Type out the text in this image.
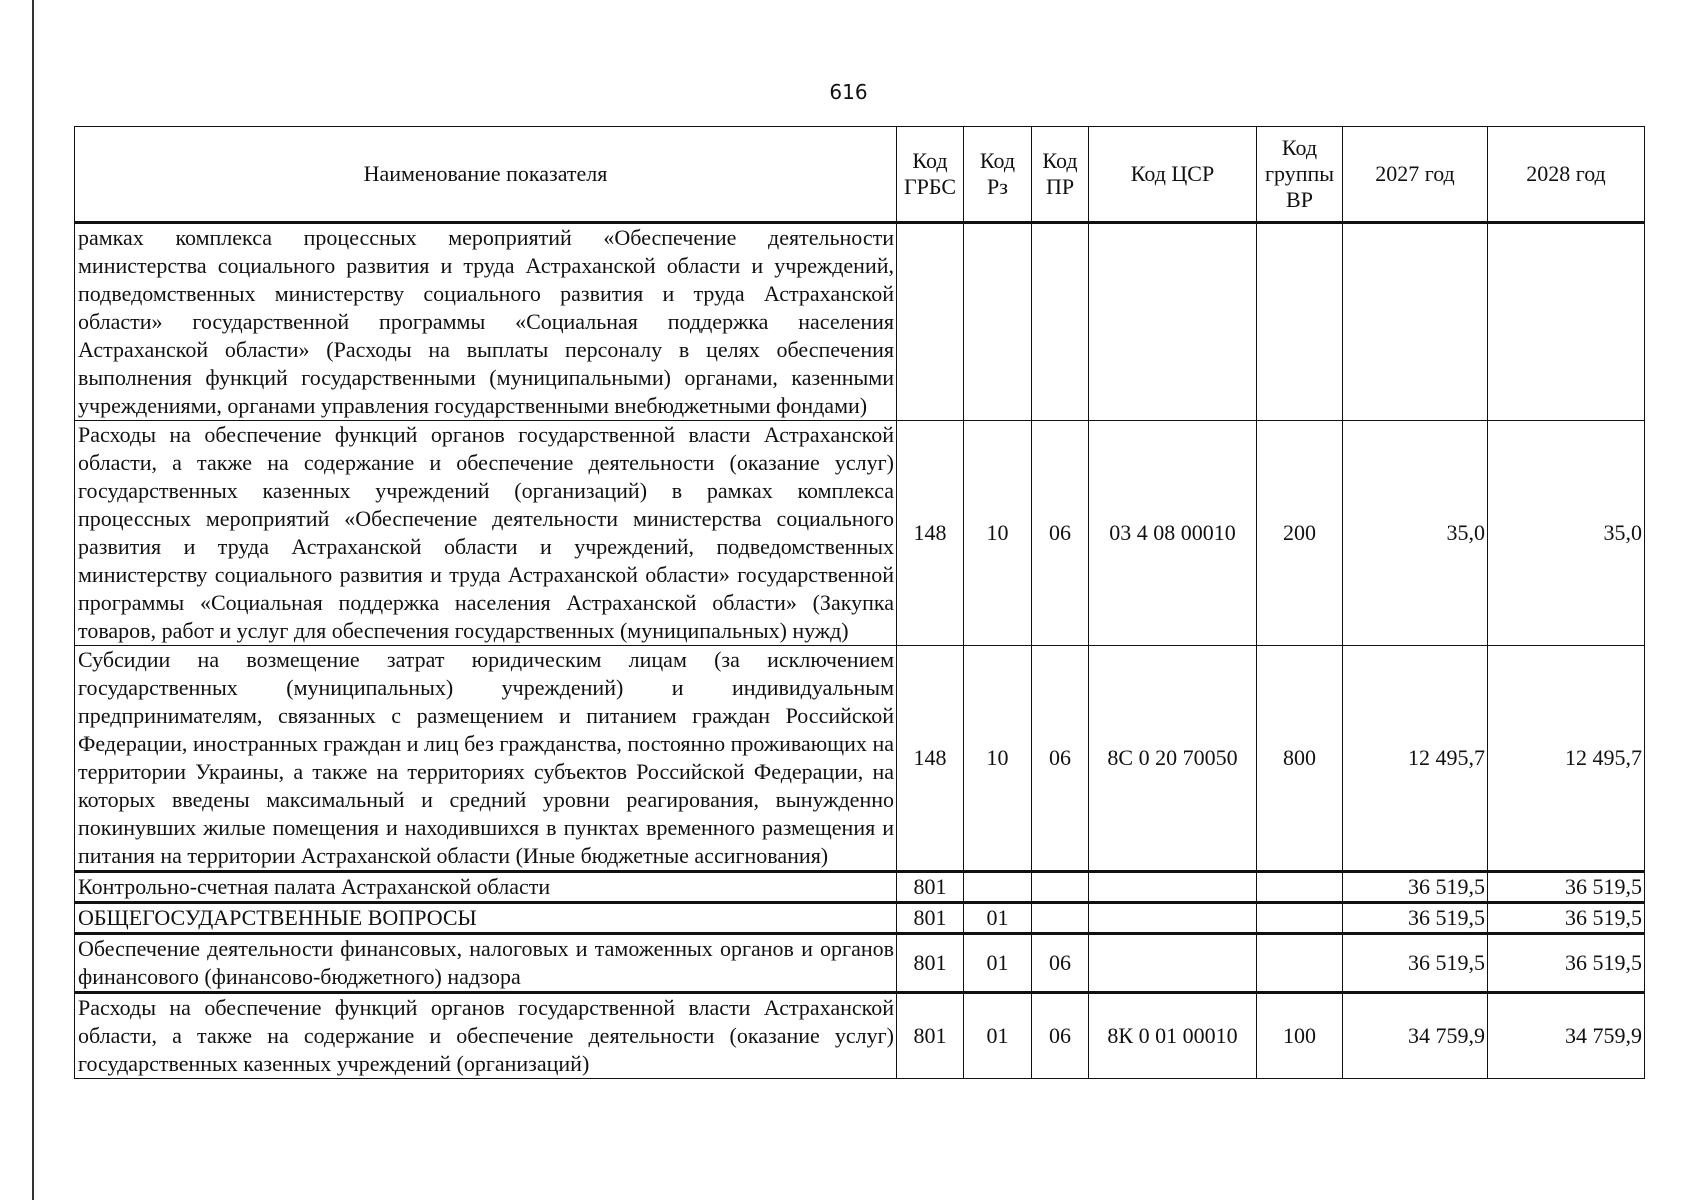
616
Наименование показателя	Код ГРБС	Код Рз	Код ПР	Код ЦСР	Код группы ВР	2027 год	2028 год
рамках комплекса процессных мероприятий «Обеспечение деятельности министерства социального развития и труда Астраханской области и учреждений, подведомственных министерству социального развития и труда Астраханской области» государственной программы «Социальная поддержка населения Астраханской области» (Расходы на выплаты персоналу в целях обеспечения выполнения функций государственными (муниципальными) органами, казенными учреждениями, органами управления государственными внебюджетными фондами)							
Расходы на обеспечение функций органов государственной власти Астраханской области, а также на содержание и обеспечение деятельности (оказание услуг) государственных казенных учреждений (организаций) в рамках комплекса процессных мероприятий «Обеспечение деятельности министерства социального развития и труда Астраханской области и учреждений, подведомственных министерству социального развития и труда Астраханской области» государственной программы «Социальная поддержка населения Астраханской области» (Закупка товаров, работ и услуг для обеспечения государственных (муниципальных) нужд)	148	10	06	03 4 08 00010	200	35,0	35,0
Субсидии на возмещение затрат юридическим лицам (за исключением государственных (муниципальных) учреждений) и индивидуальным предпринимателям, связанных с размещением и питанием граждан Российской Федерации, иностранных граждан и лиц без гражданства, постоянно проживающих на территории Украины, а также на территориях субъектов Российской Федерации, на которых введены максимальный и средний уровни реагирования, вынужденно покинувших жилые помещения и находившихся в пунктах временного размещения и питания на территории Астраханской области (Иные бюджетные ассигнования)	148	10	06	8С 0 20 70050	800	12 495,7	12 495,7
Контрольно-счетная палата Астраханской области	801					36 519,5	36 519,5
ОБЩЕГОСУДАРСТВЕННЫЕ ВОПРОСЫ	801	01				36 519,5	36 519,5
Обеспечение деятельности финансовых, налоговых и таможенных органов и органов финансового (финансово-бюджетного) надзора	801	01	06			36 519,5	36 519,5
Расходы на обеспечение функций органов государственной власти Астраханской области, а также на содержание и обеспечение деятельности (оказание услуг) государственных казенных учреждений (организаций)	801	01	06	8К 0 01 00010	100	34 759,9	34 759,9
